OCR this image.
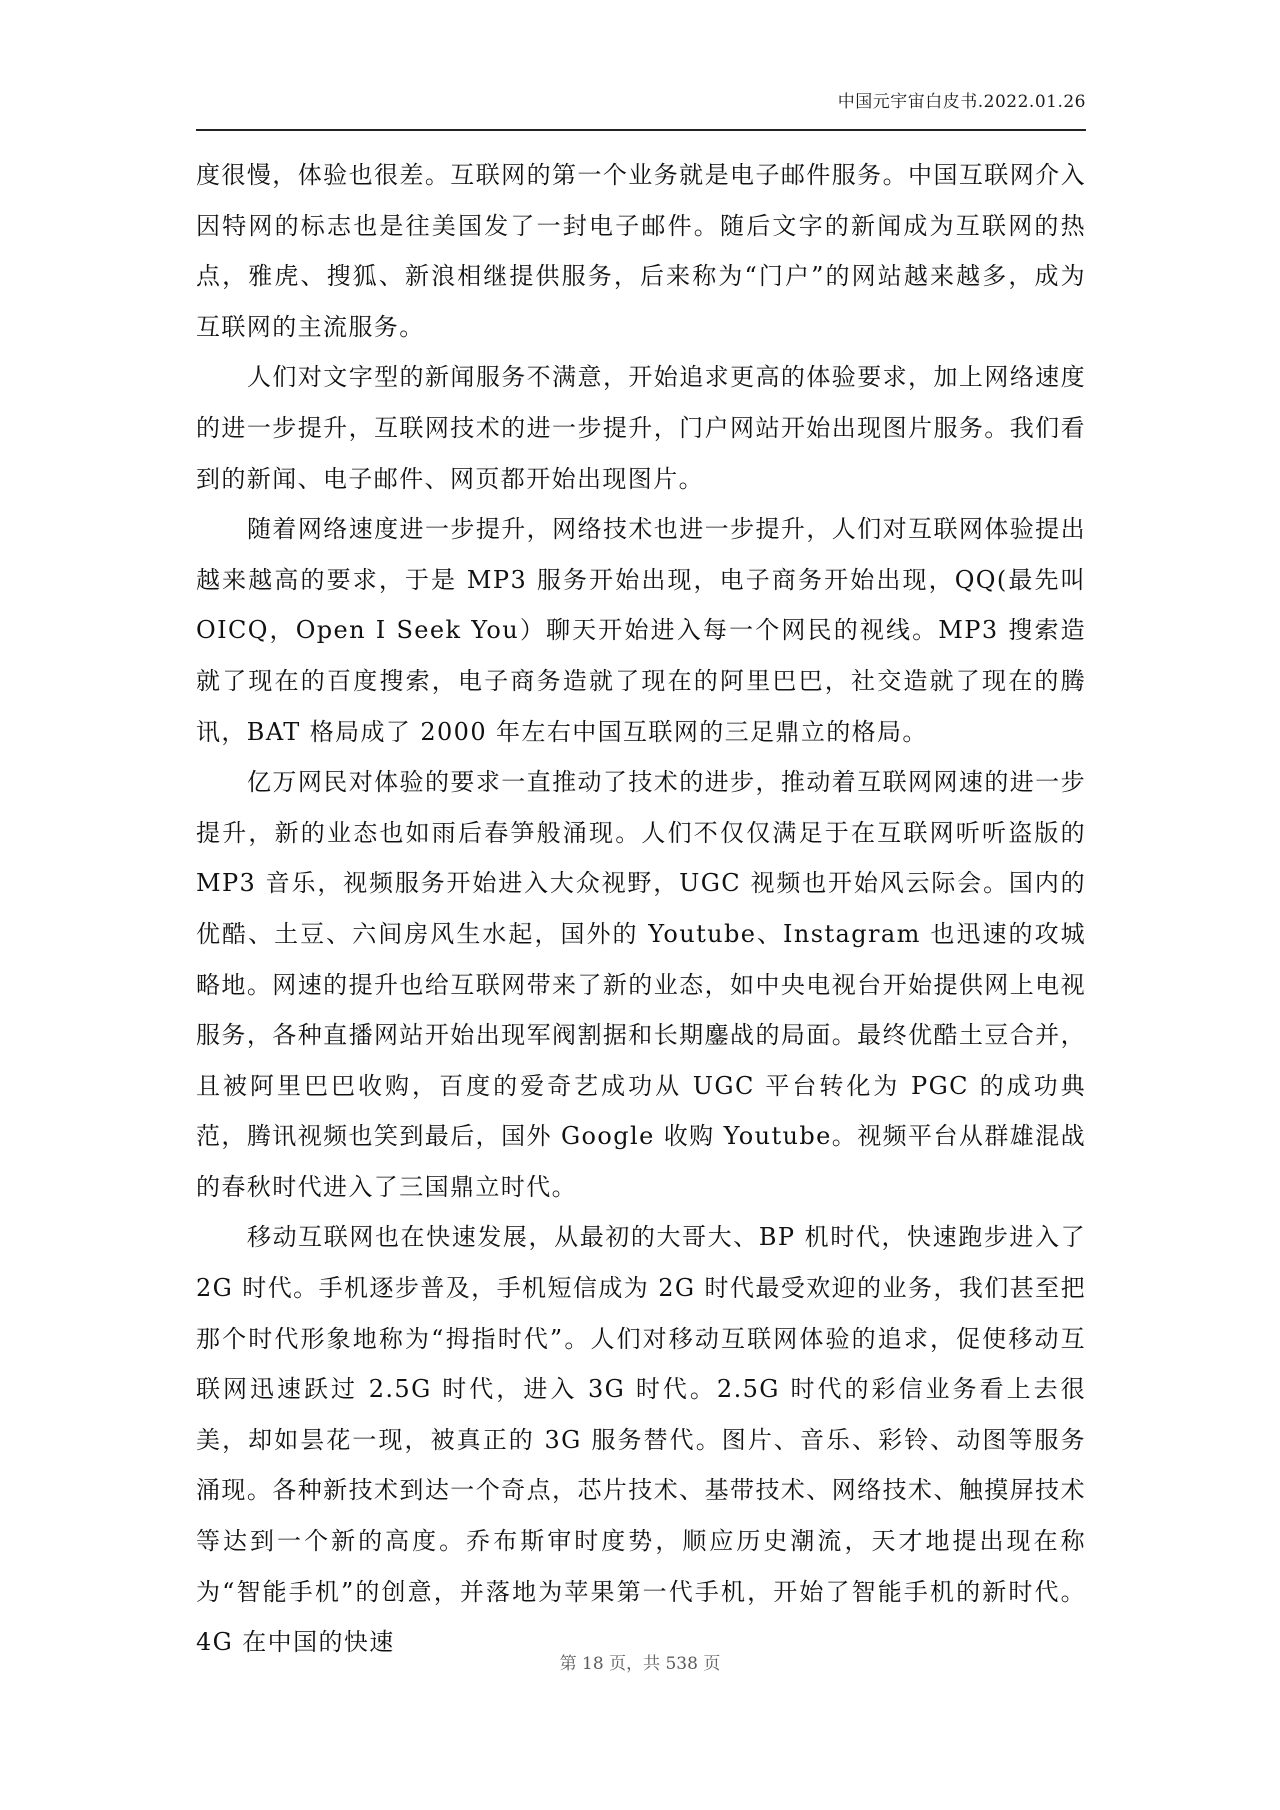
中国元宇宙白皮书.2022.01.26

度很慢，体验也很差。互联网的第一个业务就是电子邮件服务。中国互联网介入因特网的标志也是往美国发了一封电子邮件。随后文字的新闻成为互联网的热点，雅虎、搜狐、新浪相继提供服务，后来称为“门户”的网站越来越多，成为互联网的主流服务。

人们对文字型的新闻服务不满意，开始追求更高的体验要求，加上网络速度的进一步提升，互联网技术的进一步提升，门户网站开始出现图片服务。我们看到的新闻、电子邮件、网页都开始出现图片。

随着网络速度进一步提升，网络技术也进一步提升，人们对互联网体验提出越来越高的要求，于是 MP3 服务开始出现，电子商务开始出现，QQ(最先叫 OICQ，Open I Seek You）聊天开始进入每一个网民的视线。MP3 搜索造就了现在的百度搜索，电子商务造就了现在的阿里巴巴，社交造就了现在的腾讯，BAT 格局成了 2000 年左右中国互联网的三足鼎立的格局。

亿万网民对体验的要求一直推动了技术的进步，推动着互联网网速的进一步提升，新的业态也如雨后春笋般涌现。人们不仅仅满足于在互联网听听盗版的 MP3 音乐，视频服务开始进入大众视野，UGC 视频也开始风云际会。国内的优酷、土豆、六间房风生水起，国外的 Youtube、Instagram 也迅速的攻城略地。网速的提升也给互联网带来了新的业态，如中央电视台开始提供网上电视服务，各种直播网站开始出现军阀割据和长期鏖战的局面。最终优酷土豆合并，且被阿里巴巴收购，百度的爱奇艺成功从 UGC 平台转化为 PGC 的成功典范，腾讯视频也笑到最后，国外 Google 收购 Youtube。视频平台从群雄混战的春秋时代进入了三国鼎立时代。

移动互联网也在快速发展，从最初的大哥大、BP 机时代，快速跑步进入了 2G 时代。手机逐步普及，手机短信成为 2G 时代最受欢迎的业务，我们甚至把那个时代形象地称为“拇指时代”。人们对移动互联网体验的追求，促使移动互联网迅速跃过 2.5G 时代，进入 3G 时代。2.5G 时代的彩信业务看上去很美，却如昙花一现，被真正的 3G 服务替代。图片、音乐、彩铃、动图等服务涌现。各种新技术到达一个奇点，芯片技术、基带技术、网络技术、触摸屏技术等达到一个新的高度。乔布斯审时度势，顺应历史潮流，天才地提出现在称为“智能手机”的创意，并落地为苹果第一代手机，开始了智能手机的新时代。4G 在中国的快速

第 18 页，共 538 页
